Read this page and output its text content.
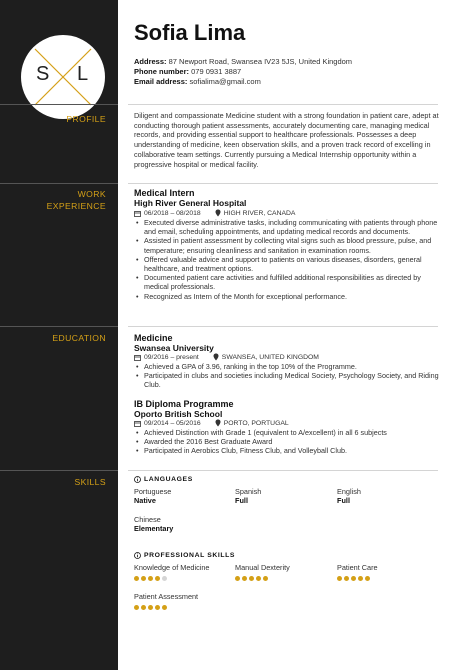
S L
Sofia Lima
Address: 87 Newport Road, Swansea IV23 5JS, United Kingdom
Phone number: 079 0931 3887
Email address: sofialima@gmail.com
PROFILE	Diligent and compassionate Medicine student with a strong foundation in patient care, adept at conducting thorough patient assessments, accurately documenting care, managing medical records, and providing essential support to healthcare professionals. Possesses a deep understanding of medicine, keen observation skills, and a proven track record of excelling in collaborative team settings. Currently pursuing a Medical Internship opportunity within a progressive hospital or medical facility.

WORK
EXPERIENCE
Medical Intern
High River General Hospital
06/2018 – 08/2018	HIGH RIVER, CANADA
• Executed diverse administrative tasks, including communicating with patients through phone and email, scheduling appointments, and updating medical records and documents.
• Assisted in patient assessment by collecting vital signs such as blood pressure, pulse, and temperature; ensuring cleanliness and sanitation in examination rooms.
• Offered valuable advice and support to patients on various diseases, disorders, general healthcare, and treatment options.
• Documented patient care activities and fulfilled additional responsibilities as directed by medical professionals.
• Recognized as Intern of the Month for exceptional performance.
EDUCATION	Medicine
Swansea University
09/2016 – present	SWANSEA, UNITED KINGDOM
• Achieved a GPA of 3.96, ranking in the top 10% of the Programme.
• Participated in clubs and societies including Medical Society, Psychology Society, and Riding Club.
IB Diploma Programme
Oporto British School
09/2014 – 05/2016	PORTO, PORTUGAL
• Achieved Distinction with Grade 1 (equivalent to A/excellent) in all 6 subjects
• Awarded the 2016 Best Graduate Award
• Participated in Aerobics Club, Fitness Club, and Volleyball Club.
SKILLS	LANGUAGES
Portuguese
Native
Spanish
Full
English
Full
Chinese
Elementary
PROFESSIONAL SKILLS
Knowledge of Medicine	Manual Dexterity	Patient Care
Patient Assessment
